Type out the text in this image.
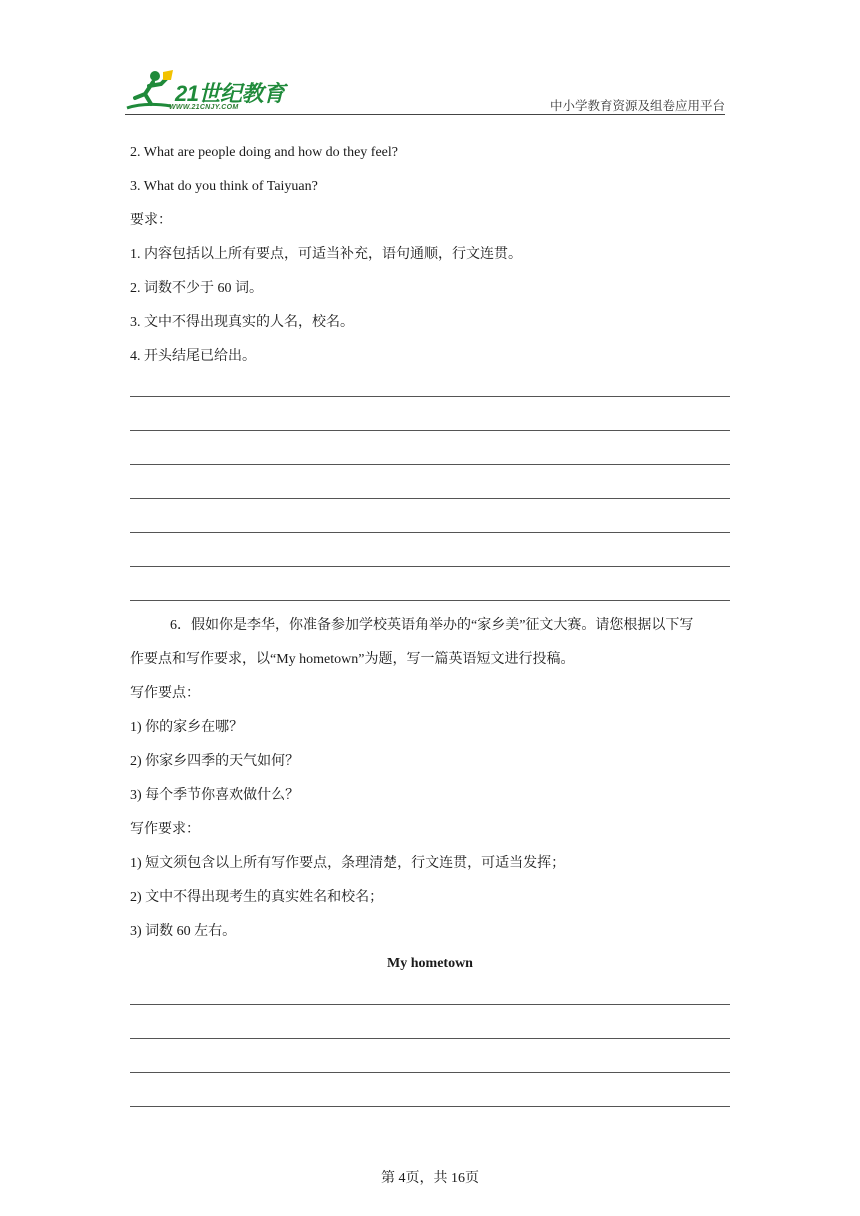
21世纪教育
WWW.21CNJY.COM	中小学教育资源及组卷应用平台
2. What are people doing and how do they feel?
3. What do you think of Taiyuan?
要求：
1. 内容包括以上所有要点，可适当补充，语句通顺，行文连贯。
2. 词数不少于 60 词。
3. 文中不得出现真实的人名，校名。
4. 开头结尾已给出。
6．假如你是李华，你准备参加学校英语角举办的“家乡美”征文大赛。请您根据以下写
作要点和写作要求，以“My hometown”为题，写一篇英语短文进行投稿。
写作要点：
1) 你的家乡在哪？
2) 你家乡四季的天气如何？
3) 每个季节你喜欢做什么？
写作要求：
1) 短文须包含以上所有写作要点，条理清楚，行文连贯，可适当发挥；
2) 文中不得出现考生的真实姓名和校名；
3) 词数 60 左右。
My hometown
第 4页，共 16页
